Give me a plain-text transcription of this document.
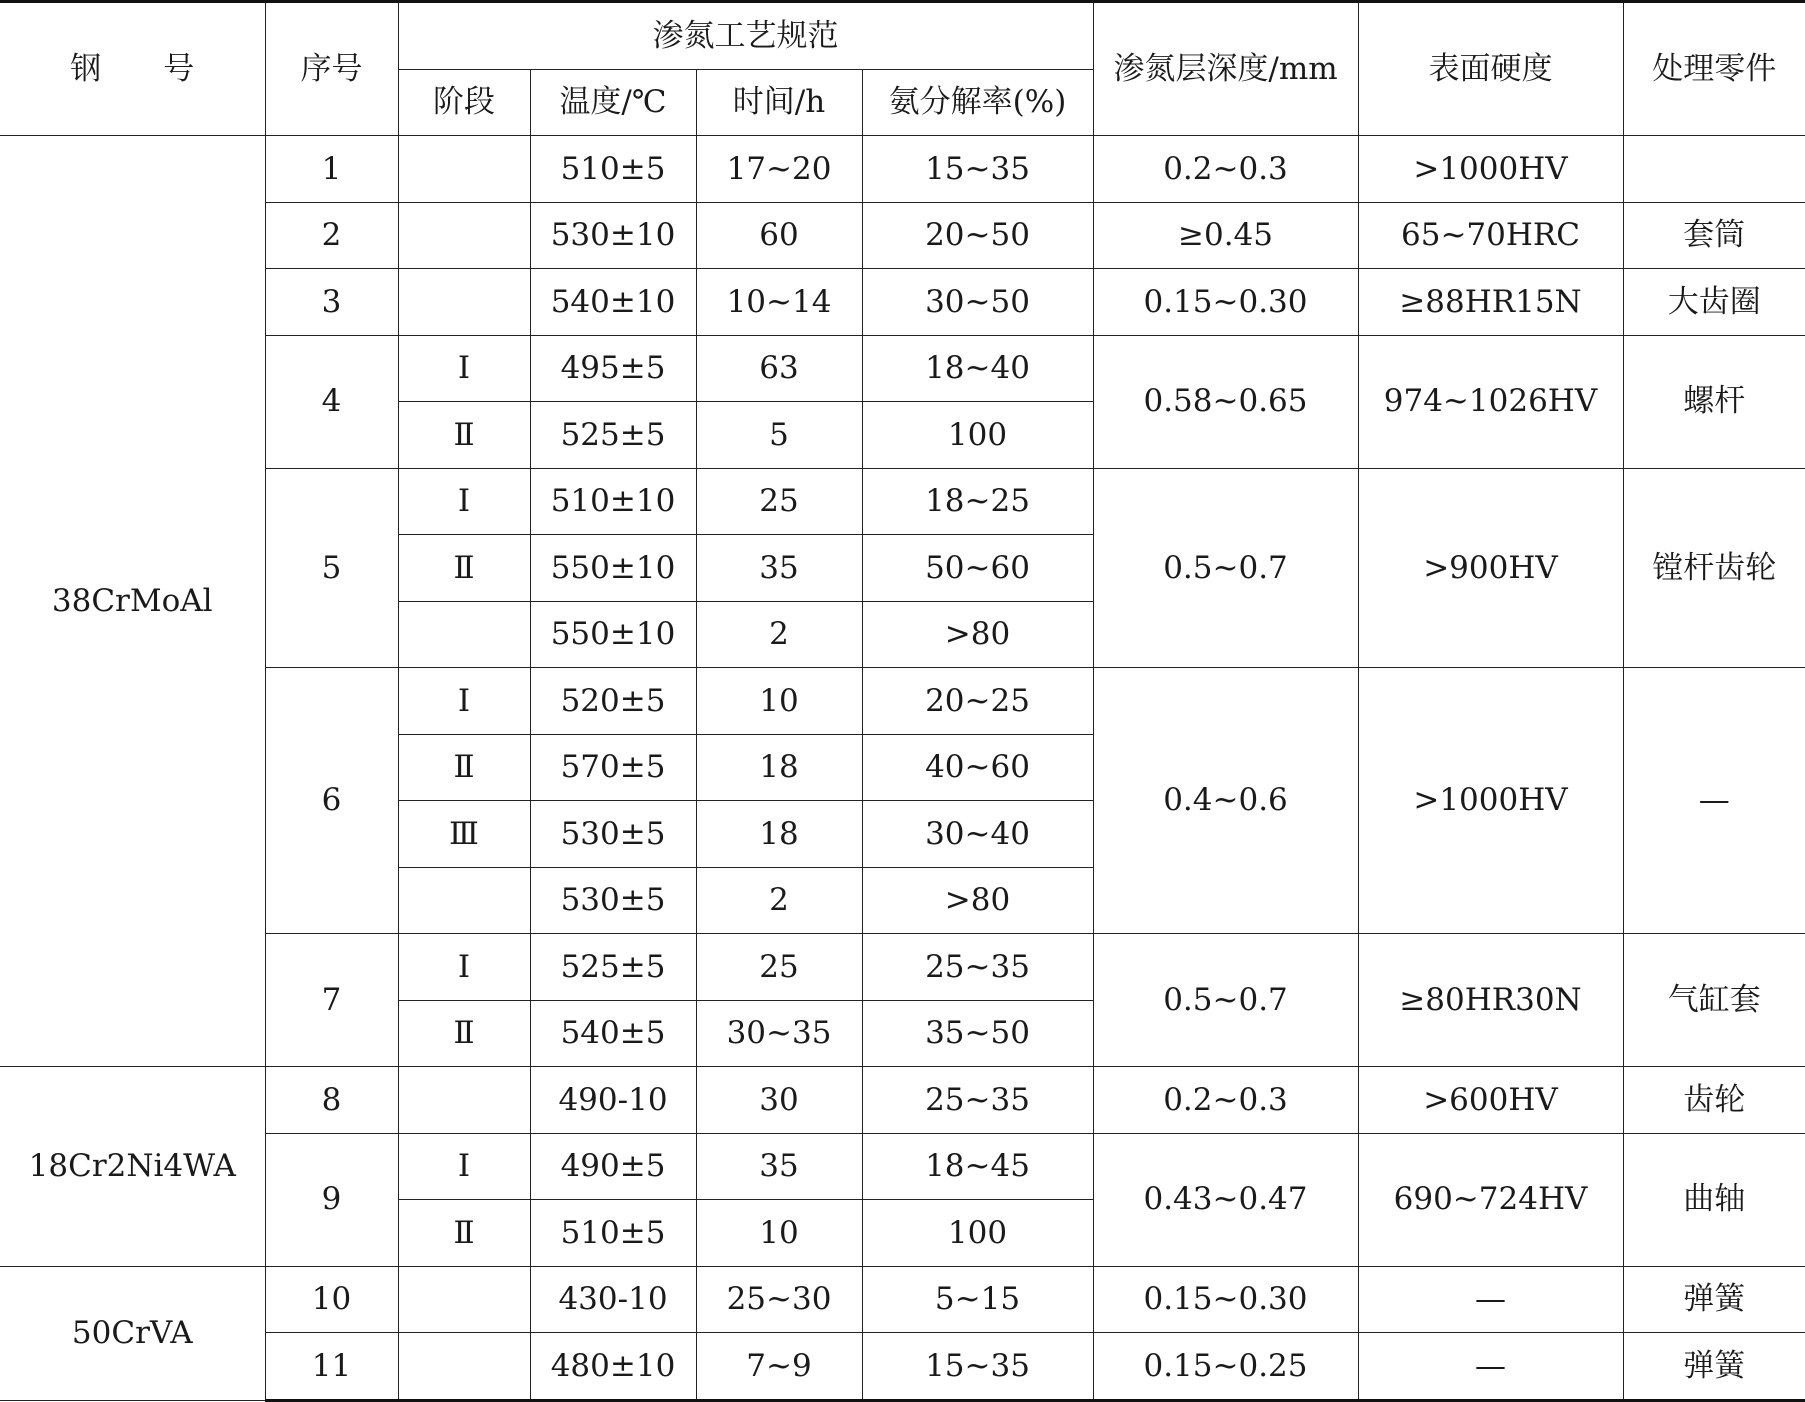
钢　　号	序号	渗氮工艺规范				渗氮层深度/mm	表面硬度	处理零件
		阶段	温度/℃	时间/h	氨分解率(%)			
38CrMoAl	1		510±5	17~20	15~35	0.2~0.3	>1000HV	
	2		530±10	60	20~50	≥0.45	65~70HRC	套筒
	3		540±10	10~14	30~50	0.15~0.30	≥88HR15N	大齿圈
	4	Ⅰ	495±5	63	18~40	0.58~0.65	974~1026HV	螺杆
		Ⅱ	525±5	5	100			
	5	Ⅰ	510±10	25	18~25	0.5~0.7	>900HV	镗杆齿轮
		Ⅱ	550±10	35	50~60			
			550±10	2	>80			
	6	Ⅰ	520±5	10	20~25	0.4~0.6	>1000HV	—
		Ⅱ	570±5	18	40~60			
		Ⅲ	530±5	18	30~40			
			530±5	2	>80			
	7	Ⅰ	525±5	25	25~35	0.5~0.7	≥80HR30N	气缸套
		Ⅱ	540±5	30~35	35~50			
18Cr2Ni4WA	8		490-10	30	25~35	0.2~0.3	>600HV	齿轮
	9	Ⅰ	490±5	35	18~45	0.43~0.47	690~724HV	曲轴
		Ⅱ	510±5	10	100			
50CrVA	10		430-10	25~30	5~15	0.15~0.30	—	弹簧
	11		480±10	7~9	15~35	0.15~0.25	—	弹簧
